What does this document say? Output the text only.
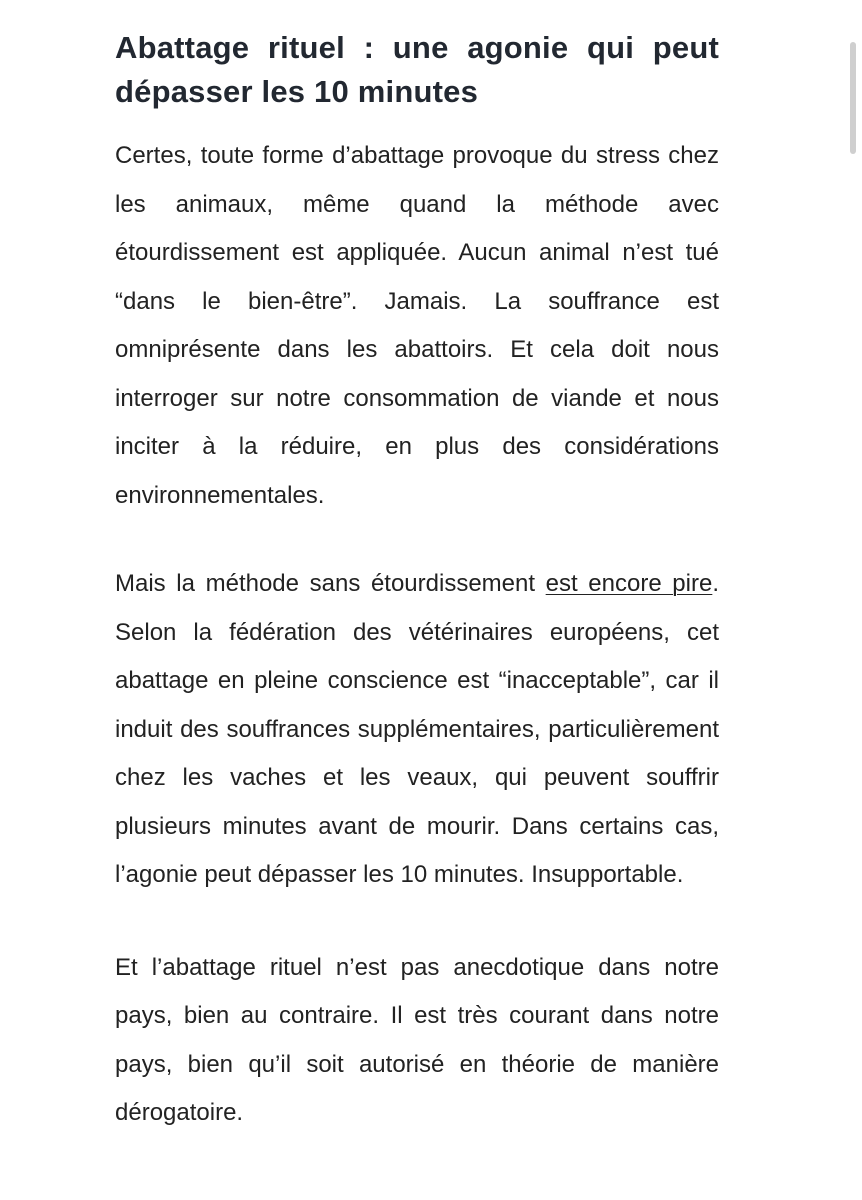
Abattage rituel : une agonie qui peut dépasser les 10 minutes

Certes, toute forme d’abattage provoque du stress chez les animaux, même quand la méthode avec étourdissement est appliquée. Aucun animal n’est tué “dans le bien-être”. Jamais. La souffrance est omniprésente dans les abattoirs. Et cela doit nous interroger sur notre consommation de viande et nous inciter à la réduire, en plus des considérations environnementales.

Mais la méthode sans étourdissement est encore pire. Selon la fédération des vétérinaires européens, cet abattage en pleine conscience est “inacceptable”, car il induit des souffrances supplémentaires, particulièrement chez les vaches et les veaux, qui peuvent souffrir plusieurs minutes avant de mourir. Dans certains cas, l’agonie peut dépasser les 10 minutes. Insupportable.

Et l’abattage rituel n’est pas anecdotique dans notre pays, bien au contraire. Il est très courant dans notre pays, bien qu’il soit autorisé en théorie de manière dérogatoire.
